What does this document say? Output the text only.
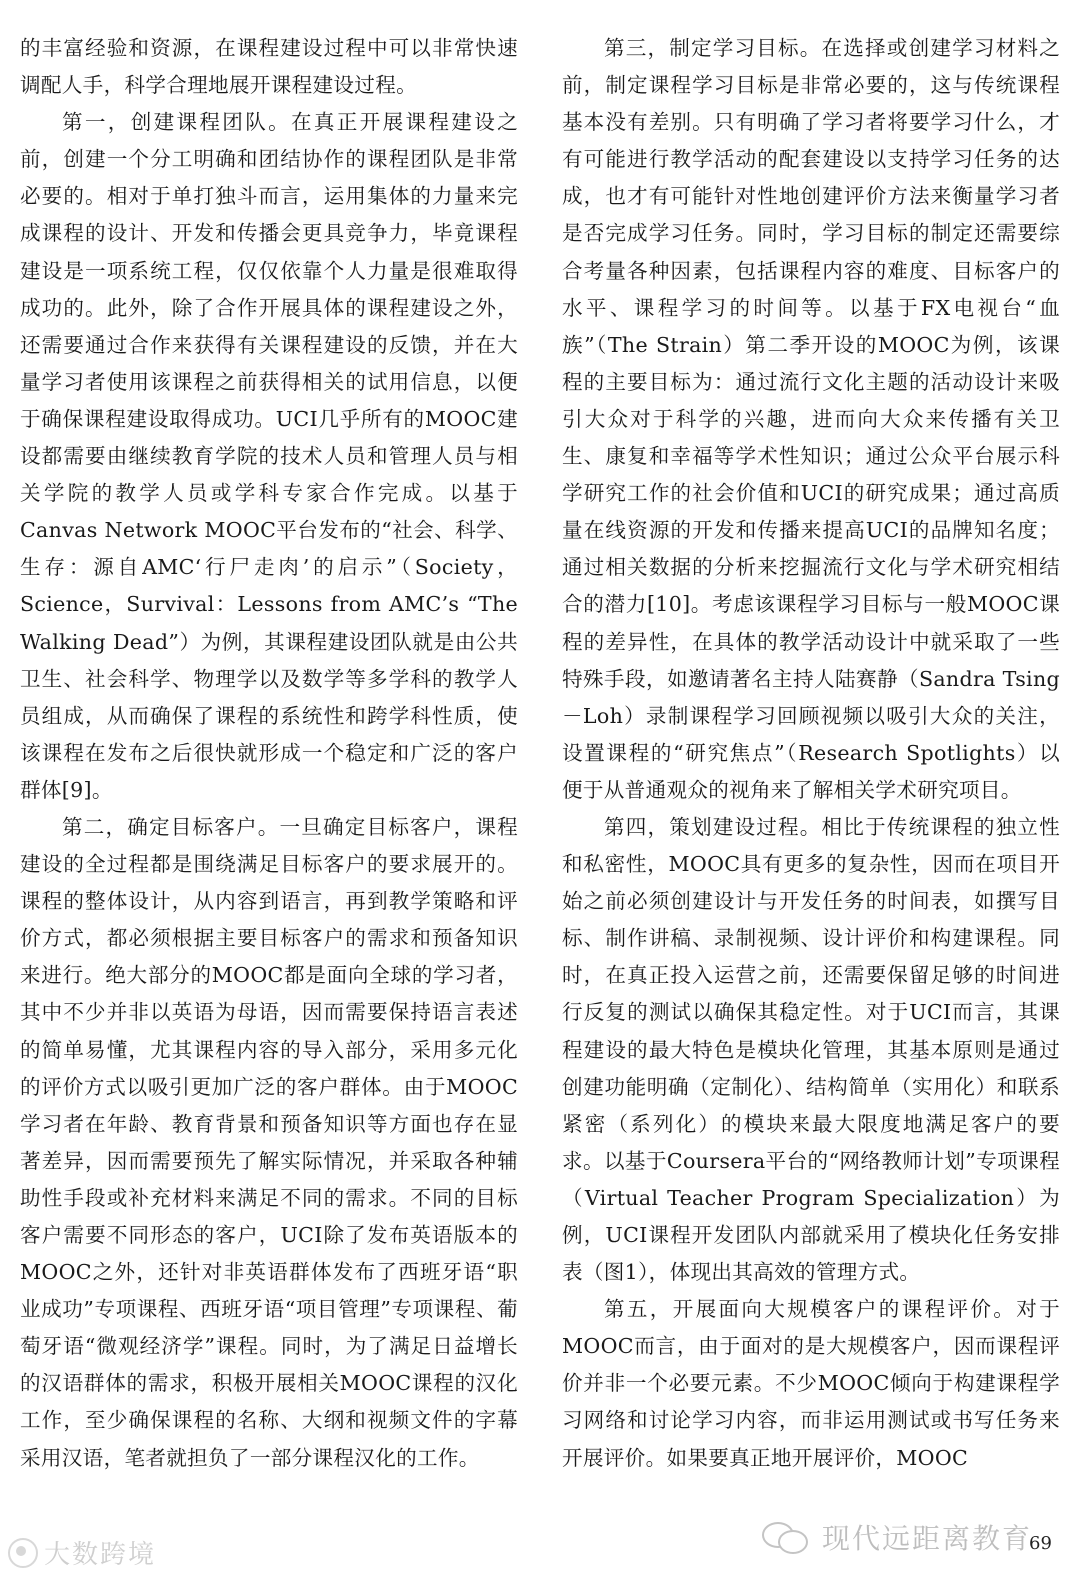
的丰富经验和资源，在课程建设过程中可以非常快速调配人手，科学合理地展开课程建设过程。

第一，创建课程团队。在真正开展课程建设之前，创建一个分工明确和团结协作的课程团队是非常必要的。相对于单打独斗而言，运用集体的力量来完成课程的设计、开发和传播会更具竞争力，毕竟课程建设是一项系统工程，仅仅依靠个人力量是很难取得成功的。此外，除了合作开展具体的课程建设之外，还需要通过合作来获得有关课程建设的反馈，并在大量学习者使用该课程之前获得相关的试用信息，以便于确保课程建设取得成功。UCI几乎所有的MOOC建设都需要由继续教育学院的技术人员和管理人员与相关学院的教学人员或学科专家合作完成。以基于Canvas Network MOOC平台发布的“社会、科学、生存：源自AMC‘行尸走肉’的启示”（Society，Science，Survival：Lessons from AMC’s “The Walking Dead”）为例，其课程建设团队就是由公共卫生、社会科学、物理学以及数学等多学科的教学人员组成，从而确保了课程的系统性和跨学科性质，使该课程在发布之后很快就形成一个稳定和广泛的客户群体[9]。

第二，确定目标客户。一旦确定目标客户，课程建设的全过程都是围绕满足目标客户的要求展开的。课程的整体设计，从内容到语言，再到教学策略和评价方式，都必须根据主要目标客户的需求和预备知识来进行。绝大部分的MOOC都是面向全球的学习者，其中不少并非以英语为母语，因而需要保持语言表述的简单易懂，尤其课程内容的导入部分，采用多元化的评价方式以吸引更加广泛的客户群体。由于MOOC学习者在年龄、教育背景和预备知识等方面也存在显著差异，因而需要预先了解实际情况，并采取各种辅助性手段或补充材料来满足不同的需求。不同的目标客户需要不同形态的客户，UCI除了发布英语版本的MOOC之外，还针对非英语群体发布了西班牙语“职业成功”专项课程、西班牙语“项目管理”专项课程、葡萄牙语“微观经济学”课程。同时，为了满足日益增长的汉语群体的需求，积极开展相关MOOC课程的汉化工作，至少确保课程的名称、大纲和视频文件的字幕采用汉语，笔者就担负了一部分课程汉化的工作。

第三，制定学习目标。在选择或创建学习材料之前，制定课程学习目标是非常必要的，这与传统课程基本没有差别。只有明确了学习者将要学习什么，才有可能进行教学活动的配套建设以支持学习任务的达成，也才有可能针对性地创建评价方法来衡量学习者是否完成学习任务。同时，学习目标的制定还需要综合考量各种因素，包括课程内容的难度、目标客户的水平、课程学习的时间等。以基于FX电视台“血族”（The Strain）第二季开设的MOOC为例，该课程的主要目标为：通过流行文化主题的活动设计来吸引大众对于科学的兴趣，进而向大众来传播有关卫生、康复和幸福等学术性知识；通过公众平台展示科学研究工作的社会价值和UCI的研究成果；通过高质量在线资源的开发和传播来提高UCI的品牌知名度；通过相关数据的分析来挖掘流行文化与学术研究相结合的潜力[10]。考虑该课程学习目标与一般MOOC课程的差异性，在具体的教学活动设计中就采取了一些特殊手段，如邀请著名主持人陆赛静（Sandra Tsing－Loh）录制课程学习回顾视频以吸引大众的关注，设置课程的“研究焦点”（Research Spotlights）以便于从普通观众的视角来了解相关学术研究项目。

第四，策划建设过程。相比于传统课程的独立性和私密性，MOOC具有更多的复杂性，因而在项目开始之前必须创建设计与开发任务的时间表，如撰写目标、制作讲稿、录制视频、设计评价和构建课程。同时，在真正投入运营之前，还需要保留足够的时间进行反复的测试以确保其稳定性。对于UCI而言，其课程建设的最大特色是模块化管理，其基本原则是通过创建功能明确（定制化）、结构简单（实用化）和联系紧密（系列化）的模块来最大限度地满足客户的要求。以基于Coursera平台的“网络教师计划”专项课程（Virtual Teacher Program Specialization）为例，UCI课程开发团队内部就采用了模块化任务安排表（图1），体现出其高效的管理方式。

第五，开展面向大规模客户的课程评价。对于MOOC而言，由于面对的是大规模客户，因而课程评价并非一个必要元素。不少MOOC倾向于构建课程学习网络和讨论学习内容，而非运用测试或书写任务来开展评价。如果要真正地开展评价，MOOC

大数跨境	现代远距离教育
69
